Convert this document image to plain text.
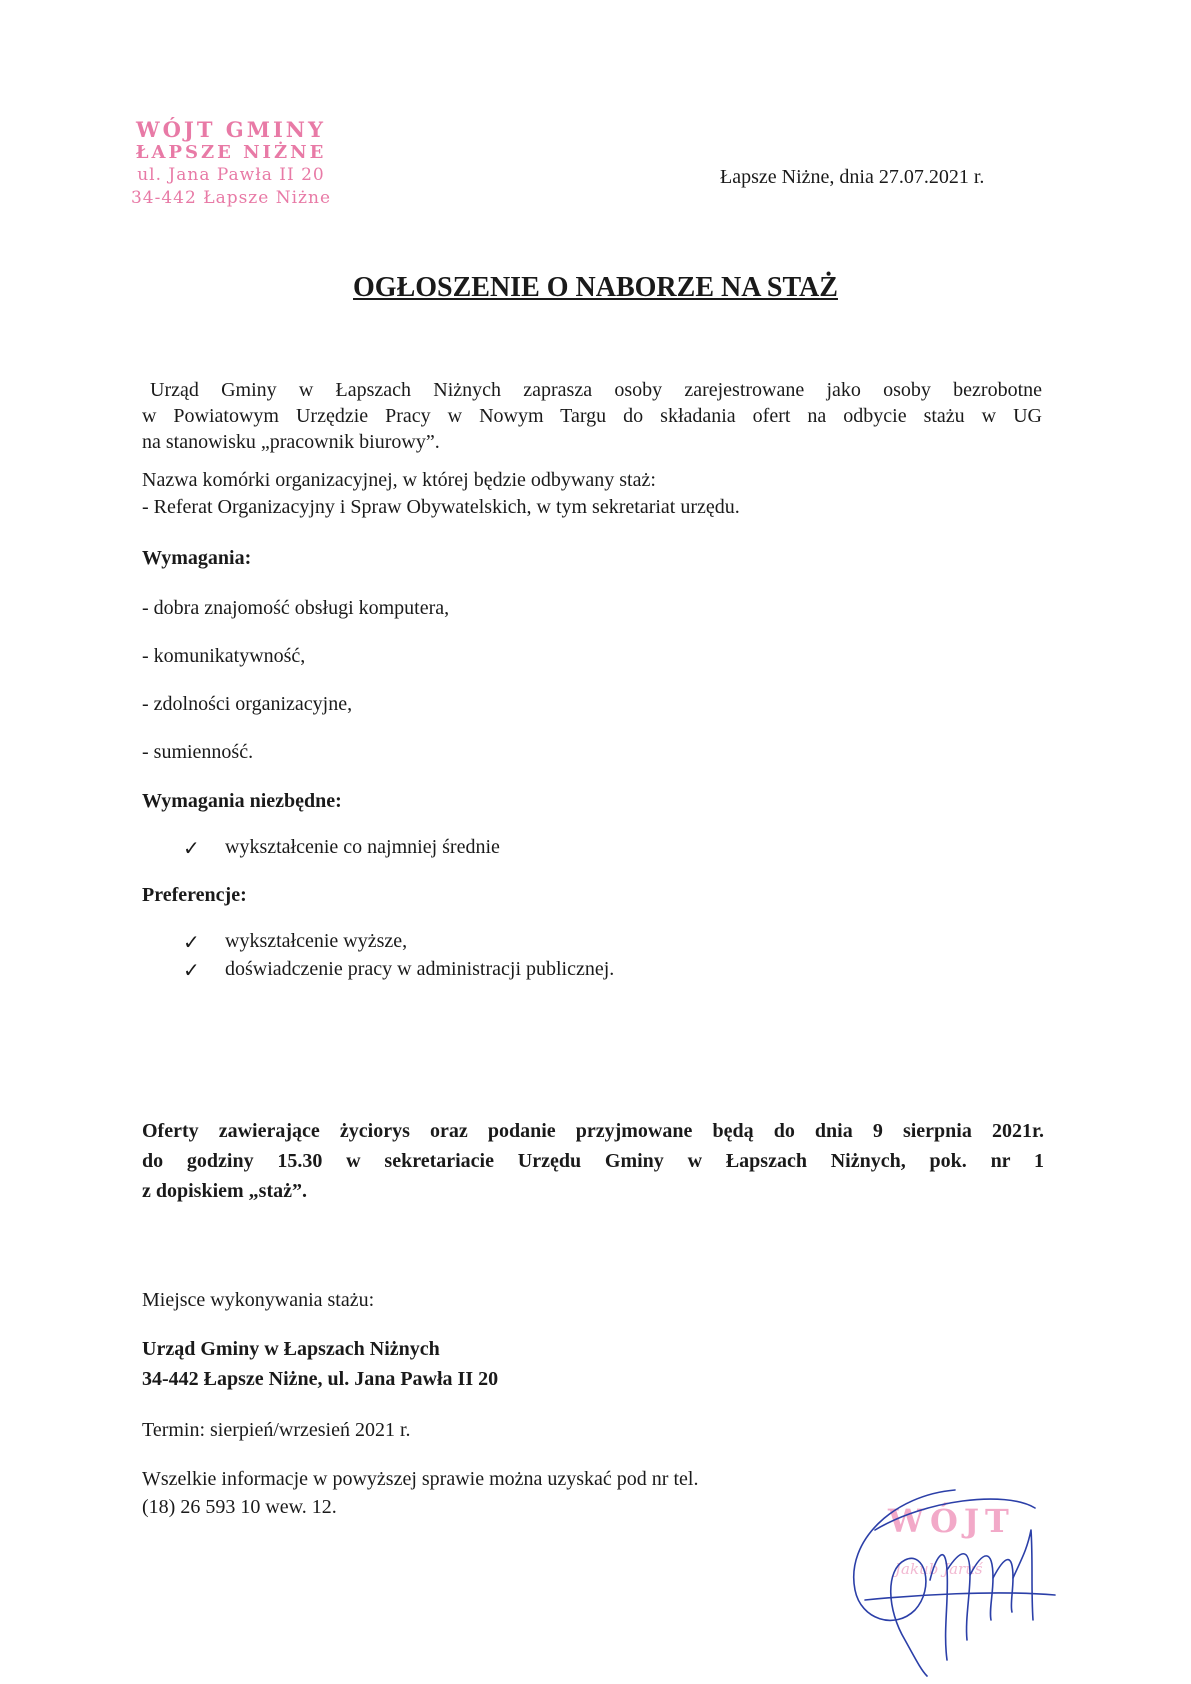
WÓJT GMINY
ŁAPSZE NIŻNE
ul. Jana Pawła II 20
34-442 Łapsze Niżne
Łapsze Niżne, dnia 27.07.2021 r.
OGŁOSZENIE O NABORZE NA STAŻ
Urząd Gminy w Łapszach Niżnych zaprasza osoby zarejestrowane jako osoby bezrobotne
w Powiatowym Urzędzie Pracy w Nowym Targu do składania ofert na odbycie stażu w UG
na stanowisku „pracownik biurowy”.
Nazwa komórki organizacyjnej, w której będzie odbywany staż:
- Referat Organizacyjny i Spraw Obywatelskich, w tym sekretariat urzędu.
Wymagania:
- dobra znajomość obsługi komputera,
- komunikatywność,
- zdolności organizacyjne,
- sumienność.
Wymagania niezbędne:
✓ wykształcenie co najmniej średnie
Preferencje:
✓ wykształcenie wyższe,
✓ doświadczenie pracy w administracji publicznej.
Oferty zawierające życiorys oraz podanie przyjmowane będą do dnia 9 sierpnia 2021r.
do godziny 15.30 w sekretariacie Urzędu Gminy w Łapszach Niżnych, pok. nr 1
z dopiskiem „staż”.
Miejsce wykonywania stażu:
Urząd Gminy w Łapszach Niżnych
34-442 Łapsze Niżne, ul. Jana Pawła II 20
Termin: sierpień/wrzesień 2021 r.
Wszelkie informacje w powyższej sprawie można uzyskać pod nr tel.
(18) 26 593 10 wew. 12.	WÓJT
Jakub Jaruś
